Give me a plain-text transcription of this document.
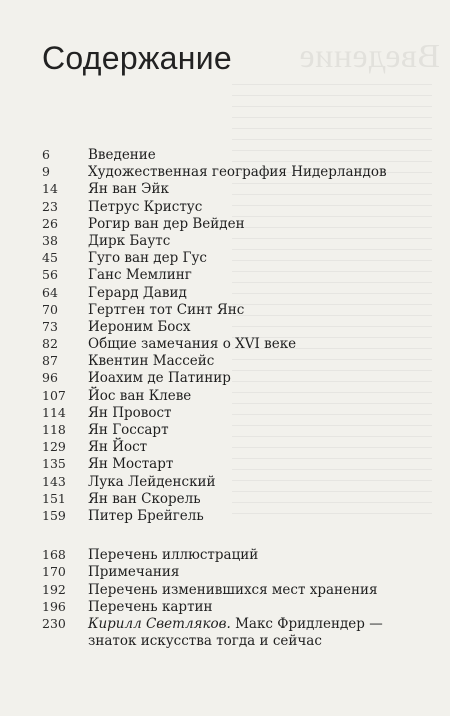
Введение
Содержание
6	Введение
9	Художественная география Нидерландов
14	Ян ван Эйк
23	Петрус Кристус
26	Рогир ван дер Вейден
38	Дирк Баутс
45	Гуго ван дер Гус
56	Ганс Мемлинг
64	Герард Давид
70	Гертген тот Синт Янс
73	Иероним Босх
82	Общие замечания о XVI веке
87	Квентин Массейс
96	Иоахим де Патинир
107	Йос ван Клеве
114	Ян Провост
118	Ян Госсарт
129	Ян Йост
135	Ян Мостарт
143	Лука Лейденский
151	Ян ван Скорель
159	Питер Брейгель
168	Перечень иллюстраций
170	Примечания
192	Перечень изменившихся мест хранения
196	Перечень картин
230 Кирилл Светляков. Макс Фридлендер —
знаток искусства тогда и сейчас
